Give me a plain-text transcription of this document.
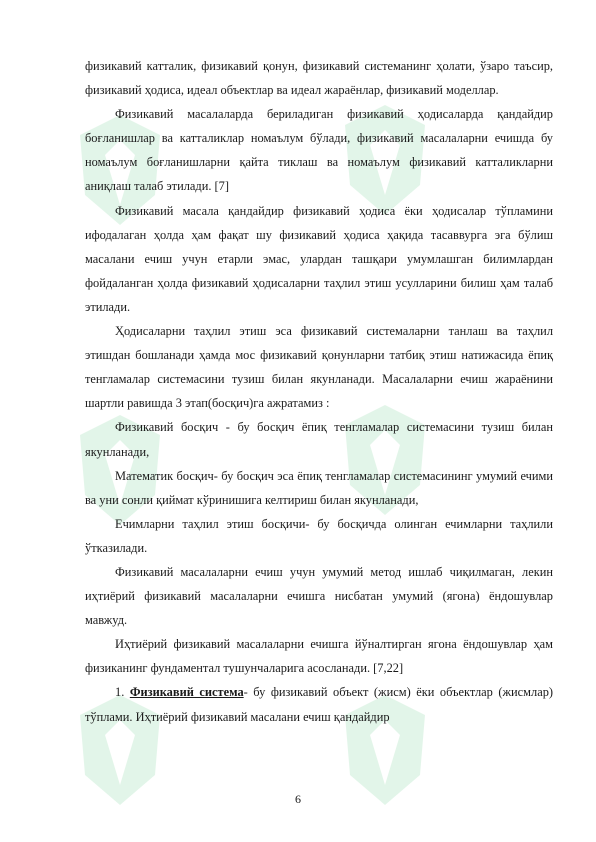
физикавий катталик, физикавий қонун, физикавий системанинг ҳолати, ўзаро таъсир, физикавий ҳодиса, идеал объектлар ва идеал жараёнлар, физикавий моделлар.

Физикавий масалаларда бериладиган физикавий ҳодисаларда қандайдир боғланишлар ва катталиклар номаълум бўлади, физикавий масалаларни ечишда бу номаълум боғланишларни қайта тиклаш ва номаълум физикавий катталикларни аниқлаш талаб этилади. [7]

Физикавий масала қандайдир физикавий ҳодиса ёки ҳодисалар тўпламини ифодалаган ҳолда ҳам фақат шу физикавий ҳодиса ҳақида тасаввурга эга бўлиш масалани ечиш учун етарли эмас, улардан ташқари умумлашган билимлардан фойдаланган ҳолда физикавий ҳодисаларни таҳлил этиш усулларини билиш ҳам талаб этилади.

Ҳодисаларни таҳлил этиш эса физикавий системаларни танлаш ва таҳлил этишдан бошланади ҳамда мос физикавий қонунларни татбиқ этиш натижасида ёпиқ тенгламалар системасини тузиш билан якунланади. Масалаларни ечиш жараёнини шартли равишда 3 этап(босқич)га ажратамиз :

Физикавий босқич - бу босқич ёпиқ тенгламалар системасини тузиш билан якунланади,

Математик босқич- бу босқич эса ёпиқ тенгламалар системасининг умумий ечими ва уни сонли қиймат кўринишига келтириш билан якунланади,

Ечимларни таҳлил этиш босқичи- бу босқичда олинган ечимларни таҳлили ўтказилади.

Физикавий масалаларни ечиш учун умумий метод ишлаб чиқилмаган, лекин иҳтиёрий физикавий масалаларни ечишга нисбатан умумий (ягона) ёндошувлар мавжуд.

Иҳтиёрий физикавий масалаларни ечишга йўналтирган ягона ёндошувлар ҳам физиканинг фундаментал тушунчаларига асосланади. [7,22]

1. Физикавий система- бу физикавий объект (жисм) ёки объектлар (жисмлар) тўплами. Иҳтиёрий физикавий масалани ечиш қандайдир

6
